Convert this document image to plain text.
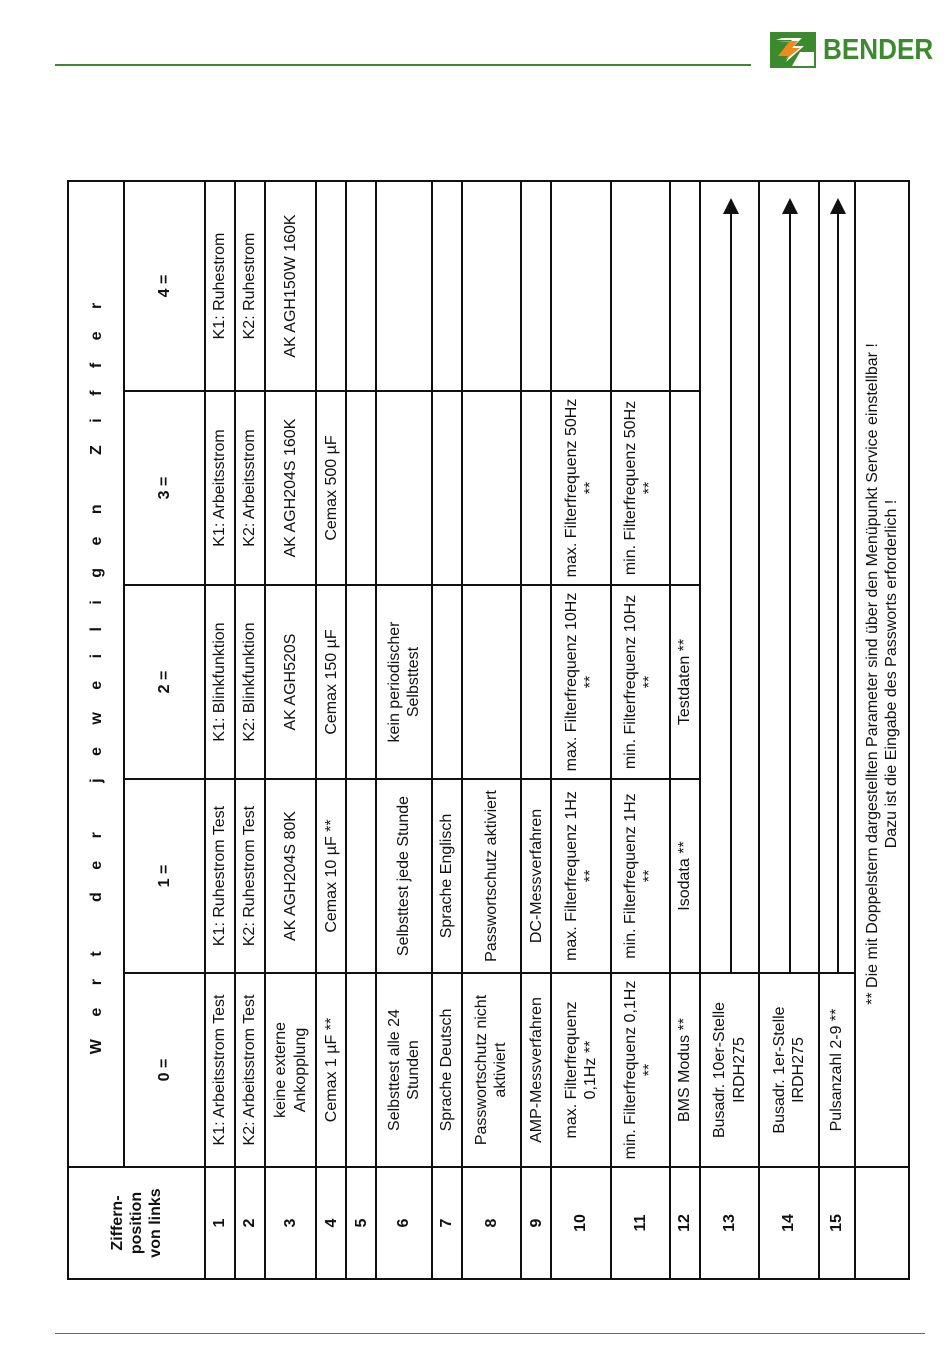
BENDER
Ziffern- position von links	W e r t   d e r   j e w e i l i g e n   Z i f f e r					
	0 =	1 =	2 =	3 =	4 =	
1	K1: Arbeitsstrom Test	K1: Ruhestrom Test	K1: Blinkfunktion	K1: Arbeitsstrom	K1: Ruhestrom	
2	K2: Arbeitsstrom Test	K2: Ruhestrom Test	K2: Blinkfunktion	K2: Arbeitsstrom	K2: Ruhestrom	
3	keine externe Ankopplung	AK AGH204S 80K	AK AGH520S	AK AGH204S 160K	AK AGH150W 160K	
4	Cemax 1 µF **	Cemax 10 µF **	Cemax 150 µF	Cemax 500 µF		
5						
6	Selbsttest alle 24 Stunden	Selbsttest jede Stunde	kein periodischer Selbsttest			
7	Sprache Deutsch	Sprache Englisch				
8	Passwortschutz nicht aktiviert	Passwortschutz aktiviert				
9	AMP-Messverfahren	DC-Messverfahren				
10	max. Filterfrequenz 0,1Hz **	max. Filterfrequenz 1Hz **	max. Filterfrequenz 10Hz **	max. Filterfrequenz 50Hz **		
11	min. Filterfrequenz 0,1Hz **	min. Filterfrequenz 1Hz **	min. Filterfrequenz 10Hz **	min. Filterfrequenz 50Hz **		
12	BMS Modus **	Isodata **	Testdaten **			
13	Busadr. 10er-Stelle IRDH275	

14	Busadr. 1er-Stelle IRDH275	

15	Pulsanzahl 2-9 **	

	** Die mit Doppelstern dargestellten Parameter sind über den Menüpunkt Service einstellbar ! Dazu ist die Eingabe des Passworts erforderlich !					
